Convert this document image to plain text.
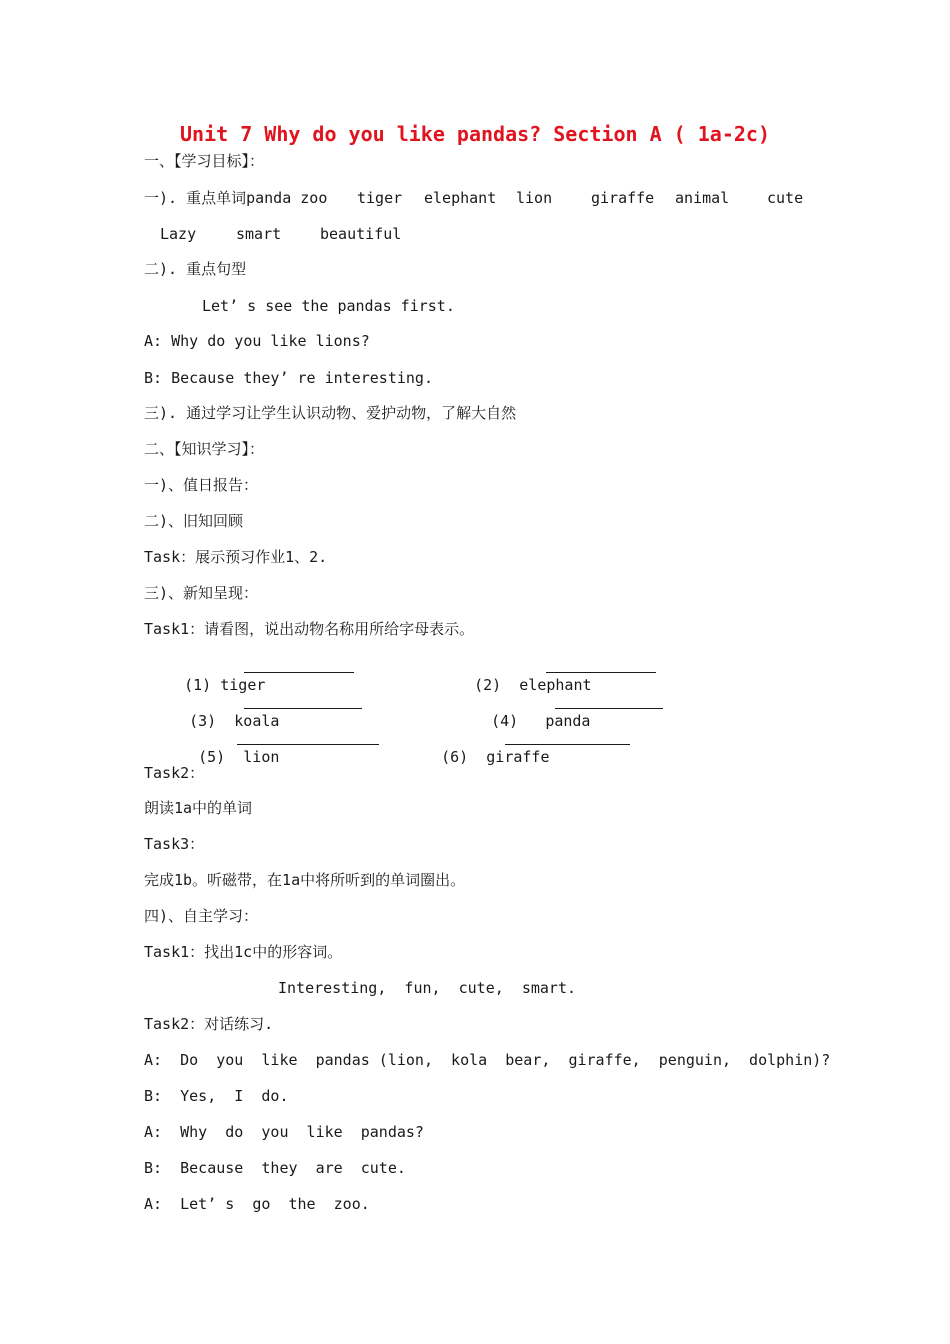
Unit 7 Why do you like pandas? Section A ( 1a-2c)
一、【学习目标】：
一). 重点单词panda zoo tiger elephant lion	giraffe animal	cute
Lazy	smart	beautiful
二). 重点句型
Let’ s see the pandas first.
A: Why do you like lions?
B: Because they’ re interesting.
三). 通过学习让学生认识动物、爱护动物，了解大自然
二、【知识学习】：
一)、值日报告：
二)、旧知回顾
Task：展示预习作业1、2.
三)、新知呈现：
Task1：请看图，说出动物名称用所给字母表示。

(1) tiger
	(2) elephant

(3) koala
	(4) panda

(5) lion
	(6) giraffe

Task2：
朗读1a中的单词
Task3：
完成1b。听磁带，在1a中将所听到的单词圈出。
四)、自主学习：
Task1：找出1c中的形容词。
Interesting,  fun,  cute,  smart.
Task2：对话练习.
A:  Do  you  like  pandas (lion,  kola  bear,  giraffe,  penguin,  dolphin)?
B:  Yes,  I  do.
A:  Why  do  you  like  pandas?
B:  Because  they  are  cute.
A:  Let’ s  go  the  zoo.
